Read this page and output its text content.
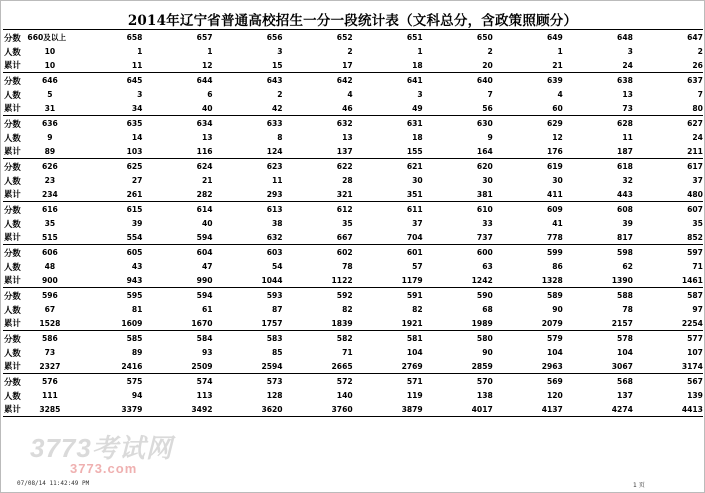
2014年辽宁省普通高校招生一分一段统计表（文科总分，含政策照顾分）
分数 660及以上	658	657	656	652	651	650	649	648	647
人数	10	1	1	3	2	1	2	1	3	2
累计	10	11	12	15	17	18	20	21	24	26
分数	646	645	644	643	642	641	640	639	638	637
人数	5	3	6	2	4	3	7	4	13	7
累计	31	34	40	42	46	49	56	60	73	80
分数	636	635	634	633	632	631	630	629	628	627
人数	9	14	13	8	13	18	9	12	11	24
累计	89	103	116	124	137	155	164	176	187	211
分数	626	625	624	623	622	621	620	619	618	617
人数	23	27	21	11	28	30	30	30	32	37
累计	234	261	282	293	321	351	381	411	443	480
分数	616	615	614	613	612	611	610	609	608	607
人数	35	39	40	38	35	37	33	41	39	35
累计	515	554	594	632	667	704	737	778	817	852
分数	606	605	604	603	602	601	600	599	598	597
人数	48	43	47	54	78	57	63	86	62	71
累计	900	943	990	1044	1122	1179	1242	1328	1390	1461
分数	596	595	594	593	592	591	590	589	588	587
人数	67	81	61	87	82	82	68	90	78	97
累计	1528	1609	1670	1757	1839	1921	1989	2079	2157	2254
分数	586	585	584	583	582	581	580	579	578	577
人数	73	89	93	85	71	104	90	104	104	107
累计	2327	2416	2509	2594	2665	2769	2859	2963	3067	3174
分数	576	575	574	573	572	571	570	569	568	567
人数	111	94	113	128	140	119	138	120	137	139
累计	3285	3379	3492	3620	3760	3879	4017	4137	4274	4413
3773考试网
3773.com
07/08/14 11:42:49 PM	1 页
